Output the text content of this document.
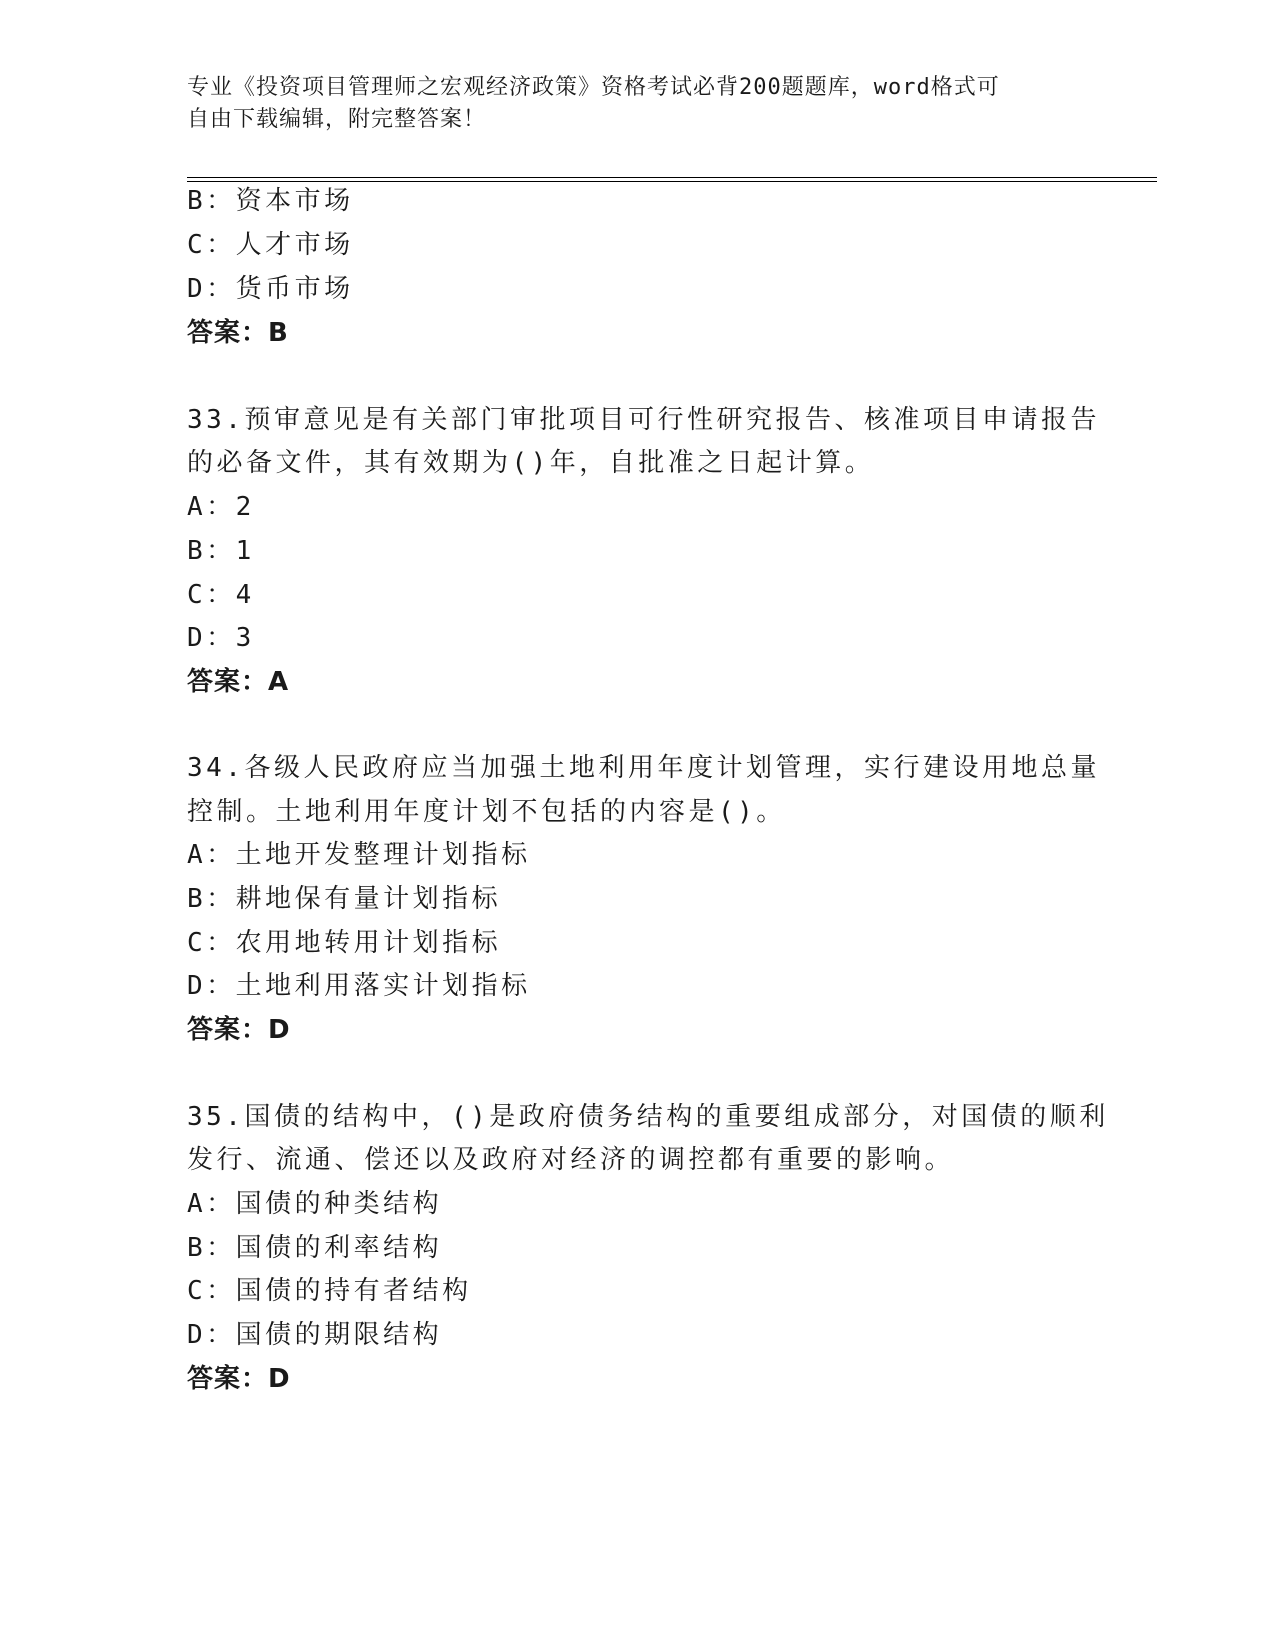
专业《投资项目管理师之宏观经济政策》资格考试必背200题题库，word格式可
自由下载编辑，附完整答案！
B：资本市场
C：人才市场
D：货币市场
答案：B
33.预审意见是有关部门审批项目可行性研究报告、核准项目申请报告
的必备文件，其有效期为()年，自批准之日起计算。
A：2
B：1
C：4
D：3
答案：A
34.各级人民政府应当加强土地利用年度计划管理，实行建设用地总量
控制。土地利用年度计划不包括的内容是()。
A：土地开发整理计划指标
B：耕地保有量计划指标
C：农用地转用计划指标
D：土地利用落实计划指标
答案：D
35.国债的结构中，()是政府债务结构的重要组成部分，对国债的顺利
发行、流通、偿还以及政府对经济的调控都有重要的影响。
A：国债的种类结构
B：国债的利率结构
C：国债的持有者结构
D：国债的期限结构
答案：D
